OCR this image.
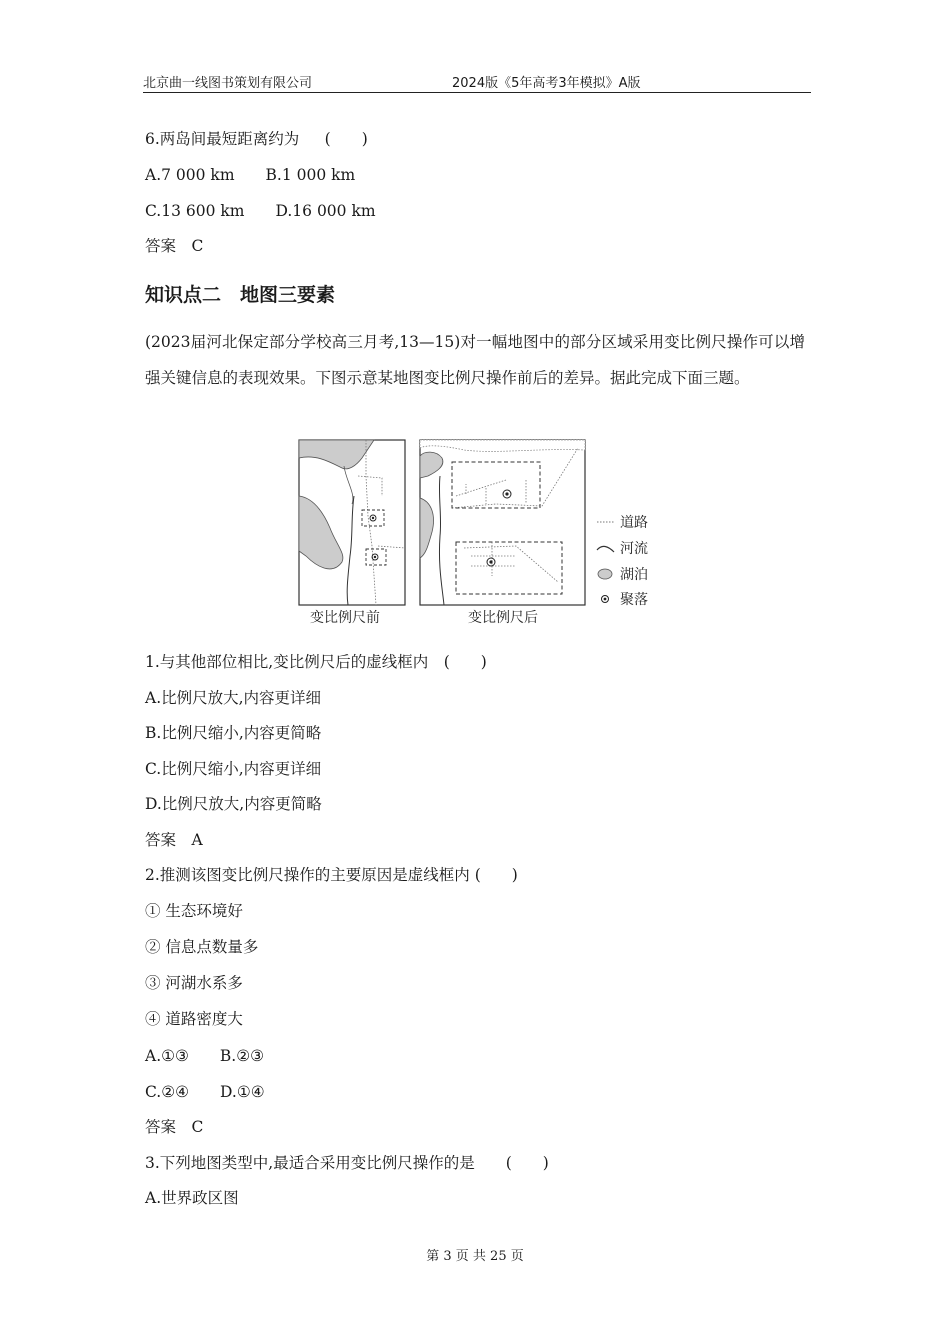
北京曲一线图书策划有限公司	2024版《5年高考3年模拟》A版
6.两岛间最短距离约为　  (　　)
A.7 000 km　　B.1 000 km
C.13 600 km　　D.16 000 km
答案　C
知识点二　地图三要素
(2023届河北保定部分学校高三月考,13—15)对一幅地图中的部分区域采用变比例尺操作可以增强关键信息的表现效果。下图示意某地图变比例尺操作前后的差异。据此完成下面三题。
道路
河流
湖泊
聚落
变比例尺前	变比例尺后
1.与其他部位相比,变比例尺后的虚线框内　(　　)
A.比例尺放大,内容更详细
B.比例尺缩小,内容更简略
C.比例尺缩小,内容更详细
D.比例尺放大,内容更简略
答案　A
2.推测该图变比例尺操作的主要原因是虚线框内 (　　)
① 生态环境好
② 信息点数量多
③ 河湖水系多
④ 道路密度大
A.①③　　B.②③
C.②④　　D.①④
答案　C
3.下列地图类型中,最适合采用变比例尺操作的是　　(　　)
A.世界政区图
第 3 页 共 25 页
